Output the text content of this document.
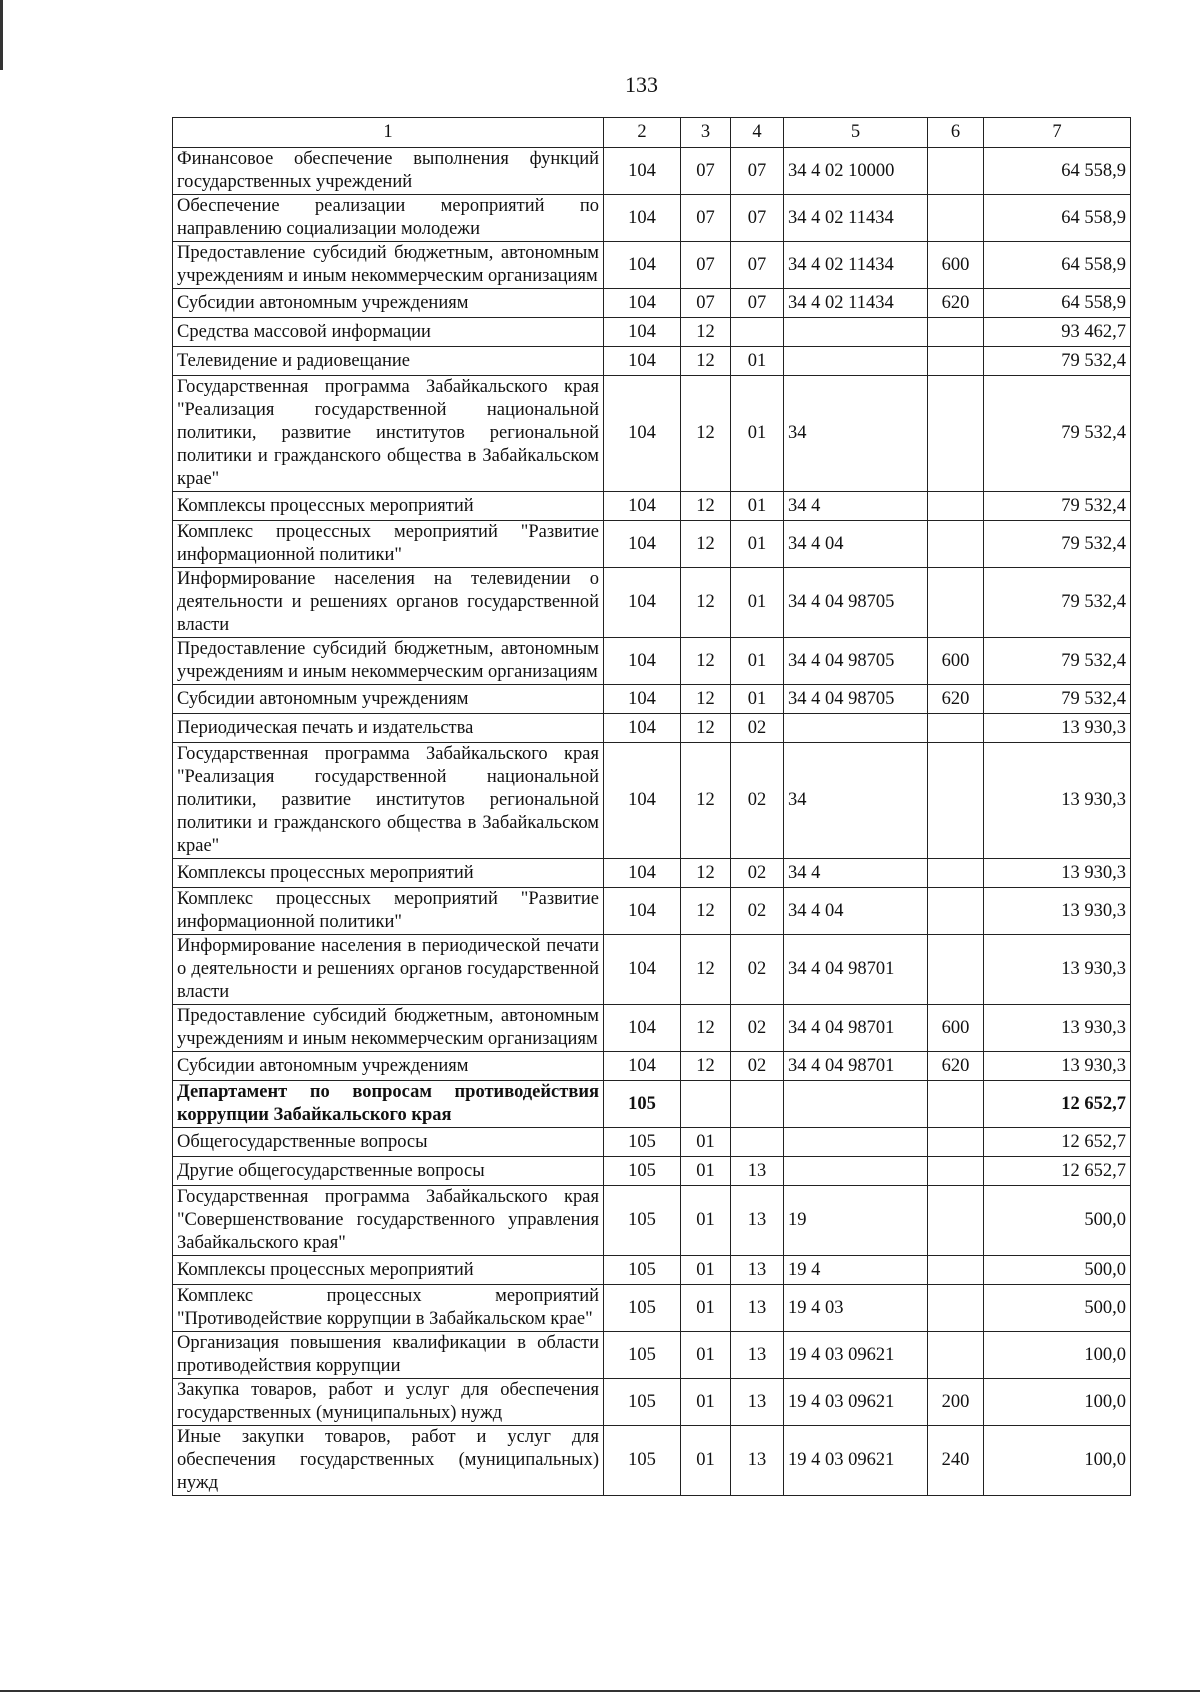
133
1	2	3	4	5	6	7
Финансовое обеспечение выполнения функций государственных учреждений	104	07	07	34 4 02 10000		64 558,9
Обеспечение реализации мероприятий по направлению социализации молодежи	104	07	07	34 4 02 11434		64 558,9
Предоставление субсидий бюджетным, автономным учреждениям и иным некоммерческим организациям	104	07	07	34 4 02 11434	600	64 558,9
Субсидии автономным учреждениям	104	07	07	34 4 02 11434	620	64 558,9
Средства массовой информации	104	12				93 462,7
Телевидение и радиовещание	104	12	01			79 532,4
Государственная программа Забайкальского края "Реализация государственной национальной политики, развитие институтов региональной политики и гражданского общества в Забайкальском крае"	104	12	01	34		79 532,4
Комплексы процессных мероприятий	104	12	01	34 4		79 532,4
Комплекс процессных мероприятий "Развитие информационной политики"	104	12	01	34 4 04		79 532,4
Информирование населения на телевидении о деятельности и решениях органов государственной власти	104	12	01	34 4 04 98705		79 532,4
Предоставление субсидий бюджетным, автономным учреждениям и иным некоммерческим организациям	104	12	01	34 4 04 98705	600	79 532,4
Субсидии автономным учреждениям	104	12	01	34 4 04 98705	620	79 532,4
Периодическая печать и издательства	104	12	02			13 930,3
Государственная программа Забайкальского края "Реализация государственной национальной политики, развитие институтов региональной политики и гражданского общества в Забайкальском крае"	104	12	02	34		13 930,3
Комплексы процессных мероприятий	104	12	02	34 4		13 930,3
Комплекс процессных мероприятий "Развитие информационной политики"	104	12	02	34 4 04		13 930,3
Информирование населения в периодической печати о деятельности и решениях органов государственной власти	104	12	02	34 4 04 98701		13 930,3
Предоставление субсидий бюджетным, автономным учреждениям и иным некоммерческим организациям	104	12	02	34 4 04 98701	600	13 930,3
Субсидии автономным учреждениям	104	12	02	34 4 04 98701	620	13 930,3
Департамент по вопросам противодействия коррупции Забайкальского края	105					12 652,7
Общегосударственные вопросы	105	01				12 652,7
Другие общегосударственные вопросы	105	01	13			12 652,7
Государственная программа Забайкальского края "Совершенствование государственного управления Забайкальского края"	105	01	13	19		500,0
Комплексы процессных мероприятий	105	01	13	19 4		500,0
Комплекс процессных мероприятий "Противодействие коррупции в Забайкальском крае"	105	01	13	19 4 03		500,0
Организация повышения квалификации в области противодействия коррупции	105	01	13	19 4 03 09621		100,0
Закупка товаров, работ и услуг для обеспечения государственных (муниципальных) нужд	105	01	13	19 4 03 09621	200	100,0
Иные закупки товаров, работ и услуг для обеспечения государственных (муниципальных) нужд	105	01	13	19 4 03 09621	240	100,0
